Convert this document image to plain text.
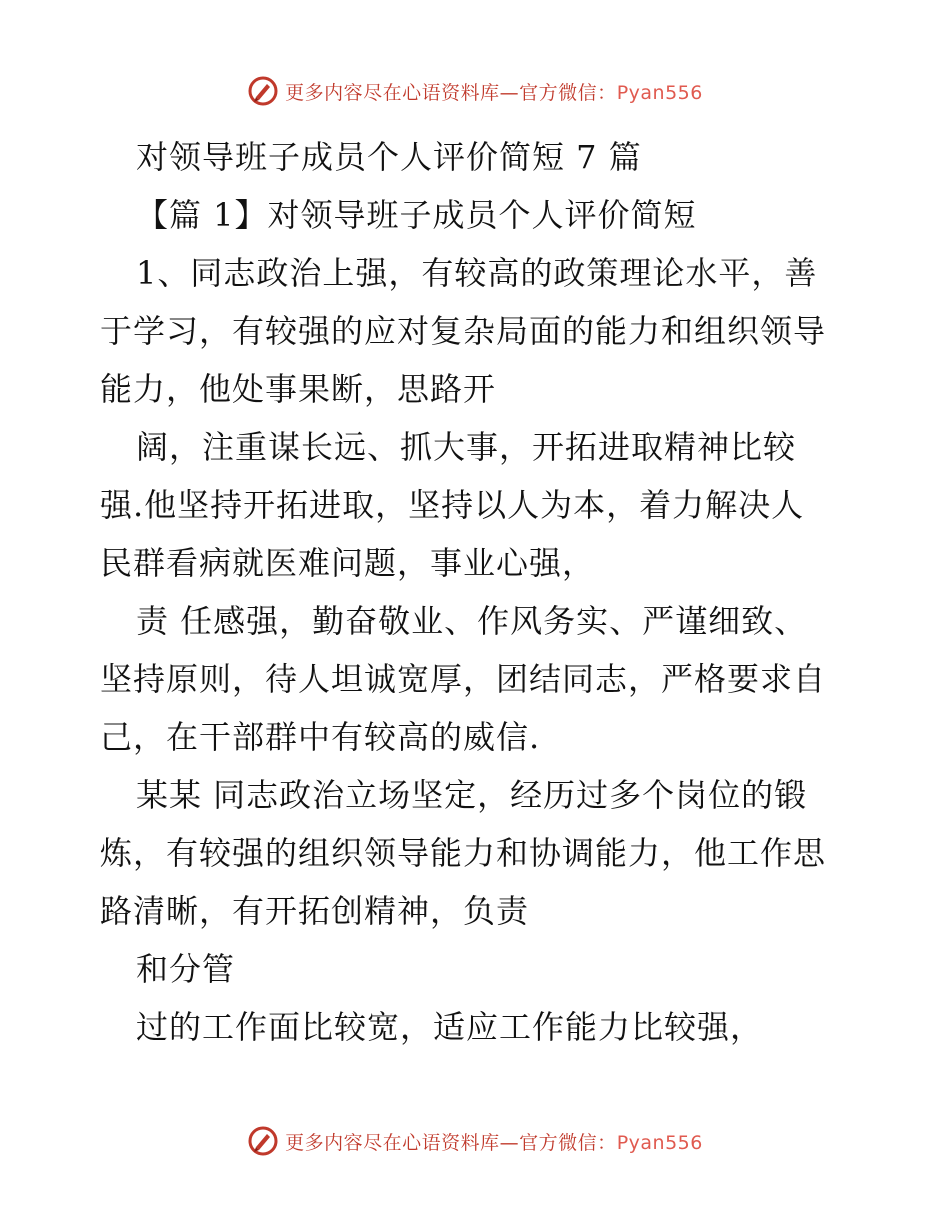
更多内容尽在心语资料库—官方微信：Pyan556
对领导班子成员个人评价简短 7 篇
【篇 1】对领导班子成员个人评价简短
1、同志政治上强，有较高的政策理论水平，善
于学习，有较强的应对复杂局面的能力和组织领导
能力，他处事果断，思路开
阔，注重谋长远、抓大事，开拓进取精神比较
强.他坚持开拓进取，坚持以人为本，着力解决人
民群看病就医难问题，事业心强，
责 任感强，勤奋敬业、作风务实、严谨细致、
坚持原则，待人坦诚宽厚，团结同志，严格要求自
己，在干部群中有较高的威信.
某某 同志政治立场坚定，经历过多个岗位的锻
炼，有较强的组织领导能力和协调能力，他工作思
路清晰，有开拓创精神，负责
和分管
过的工作面比较宽，适应工作能力比较强，
更多内容尽在心语资料库—官方微信：Pyan556
